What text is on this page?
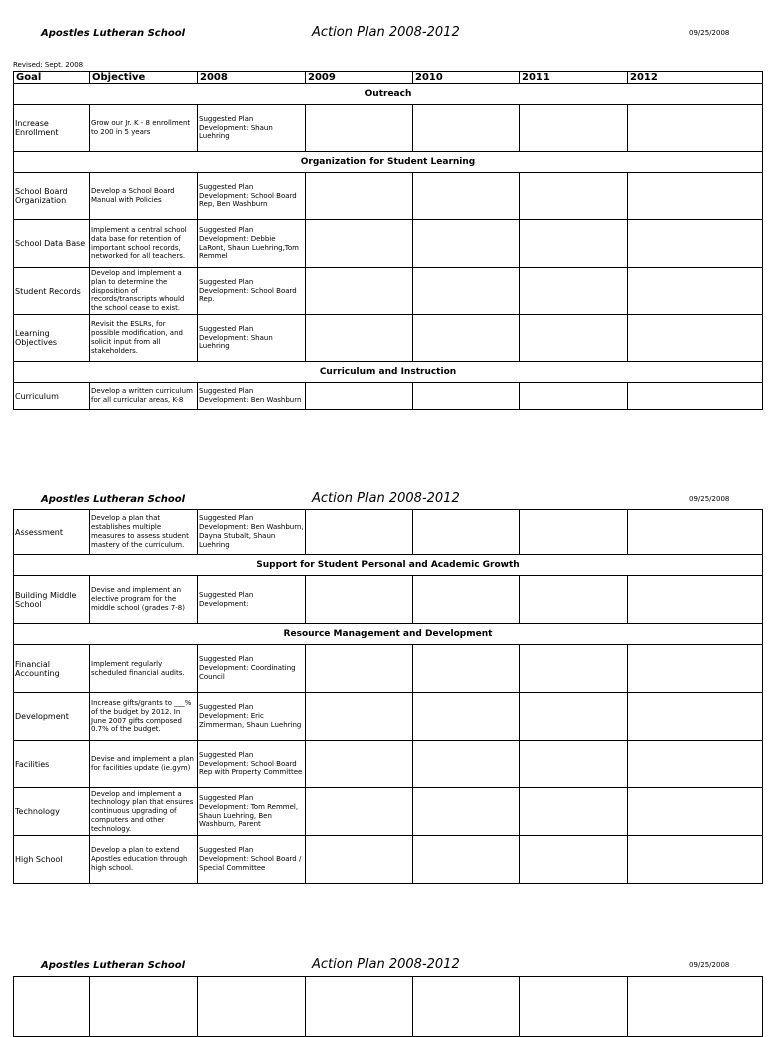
Apostles Lutheran School	Action Plan 2008-2012	09/25/2008
Revised: Sept. 2008
Goal	Objective	2008	2009	2010	2011	2012
Outreach						
Increase Enrollment	Grow our Jr. K - 8 enrollment to 200 in 5 years	Suggested Plan Development: Shaun Luehring				
Organization for Student Learning						
School Board Organization	Develop a School Board Manual with Policies	Suggested Plan Development: School Board Rep, Ben Washburn				
School Data Base	Implement a central school data base for retention of important school records, networked for all teachers.	Suggested Plan Development: Debbie LaRont, Shaun Luehring,Tom Remmel				
Student Records	Develop and implement a plan to determine the disposition of records/transcripts whould the school cease to exist.	Suggested Plan Development: School Board Rep.				
Learning Objectives	Revisit the ESLRs, for possible modification, and solicit input from all stakeholders.	Suggested Plan Development: Shaun Luehring				
Curriculum and Instruction						
Curriculum	Develop a written curriculum for all curricular areas, K-8	Suggested Plan Development: Ben Washburn				
Apostles Lutheran School	Action Plan 2008-2012	09/25/2008
Assessment	Develop a plan that establishes multiple measures to assess student mastery of the curriculum.	Suggested Plan Development: Ben Washburn, Dayna Stubalt, Shaun Luehring				
Support for Student Personal and Academic Growth						
Building Middle School	Devise and implement an elective program for the middle school (grades 7-8)	Suggested Plan Development:				
Resource Management and Development						
Financial Accounting	Implement regularly scheduled financial audits.	Suggested Plan Development: Coordinating Council				
Development	Increase gifts/grants to ___% of the budget by 2012. In June 2007 gifts composed 0.7% of the budget.	Suggested Plan Development: Eric Zimmerman, Shaun Luehring				
Facilities	Devise and implement a plan for facilities update (ie.gym)	Suggested Plan Development: School Board Rep with Property Committee				
Technology	Develop and implement a technology plan that ensures continuous upgrading of computers and other technology.	Suggested Plan Development: Tom Remmel, Shaun Luehring, Ben Washburn, Parent				
High School	Develop a plan to extend Apostles education through high school.	Suggested Plan Development: School Board / Special Committee				
Apostles Lutheran School	Action Plan 2008-2012	09/25/2008
